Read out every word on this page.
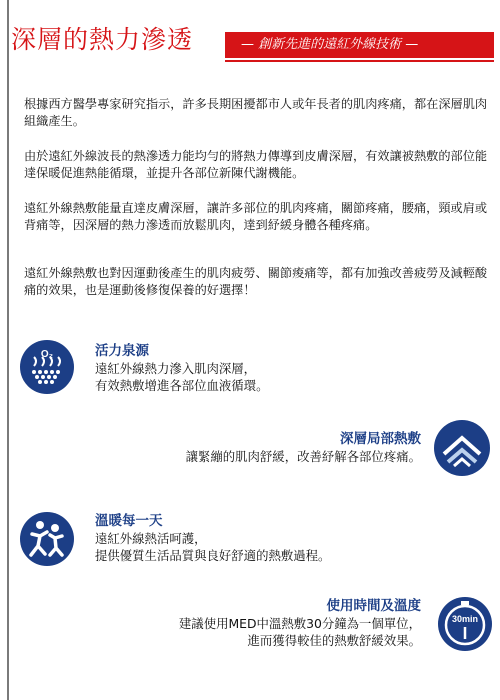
深層的熱力滲透	— 創新先進的遠紅外線技術 —

根據西方醫學專家研究指示，許多長期困擾都市人或年長者的肌肉疼痛，都在深層肌肉組織產生。

由於遠紅外線波長的熱滲透力能均勻的將熱力傳導到皮膚深層，有效讓被熱敷的部位能達保暖促進熱能循環，並提升各部位新陳代謝機能。

遠紅外線熱敷能量直達皮膚深層，讓許多部位的肌肉疼痛，關節疼痛，腰痛，頸或肩或背痛等，因深層的熱力滲透而放鬆肌肉，達到紓緩身體各種疼痛。

遠紅外線熱敷也對因運動後產生的肌肉疲勞、關節痠痛等，都有加強改善疲勞及減輕酸痛的效果，也是運動後修復保養的好選擇！

O₂	活力泉源

遠紅外線熱力滲入肌肉深層，

有效熱敷增進各部位血液循環。

深層局部熱敷

讓緊繃的肌肉舒緩，改善紓解各部位疼痛。

溫暖每一天

遠紅外線熱活呵護，

提供優質生活品質與良好舒適的熱敷過程。

使用時間及溫度

建議使用MED中溫熱敷30分鐘為一個單位，

進而獲得較佳的熱敷舒緩效果。

30min
